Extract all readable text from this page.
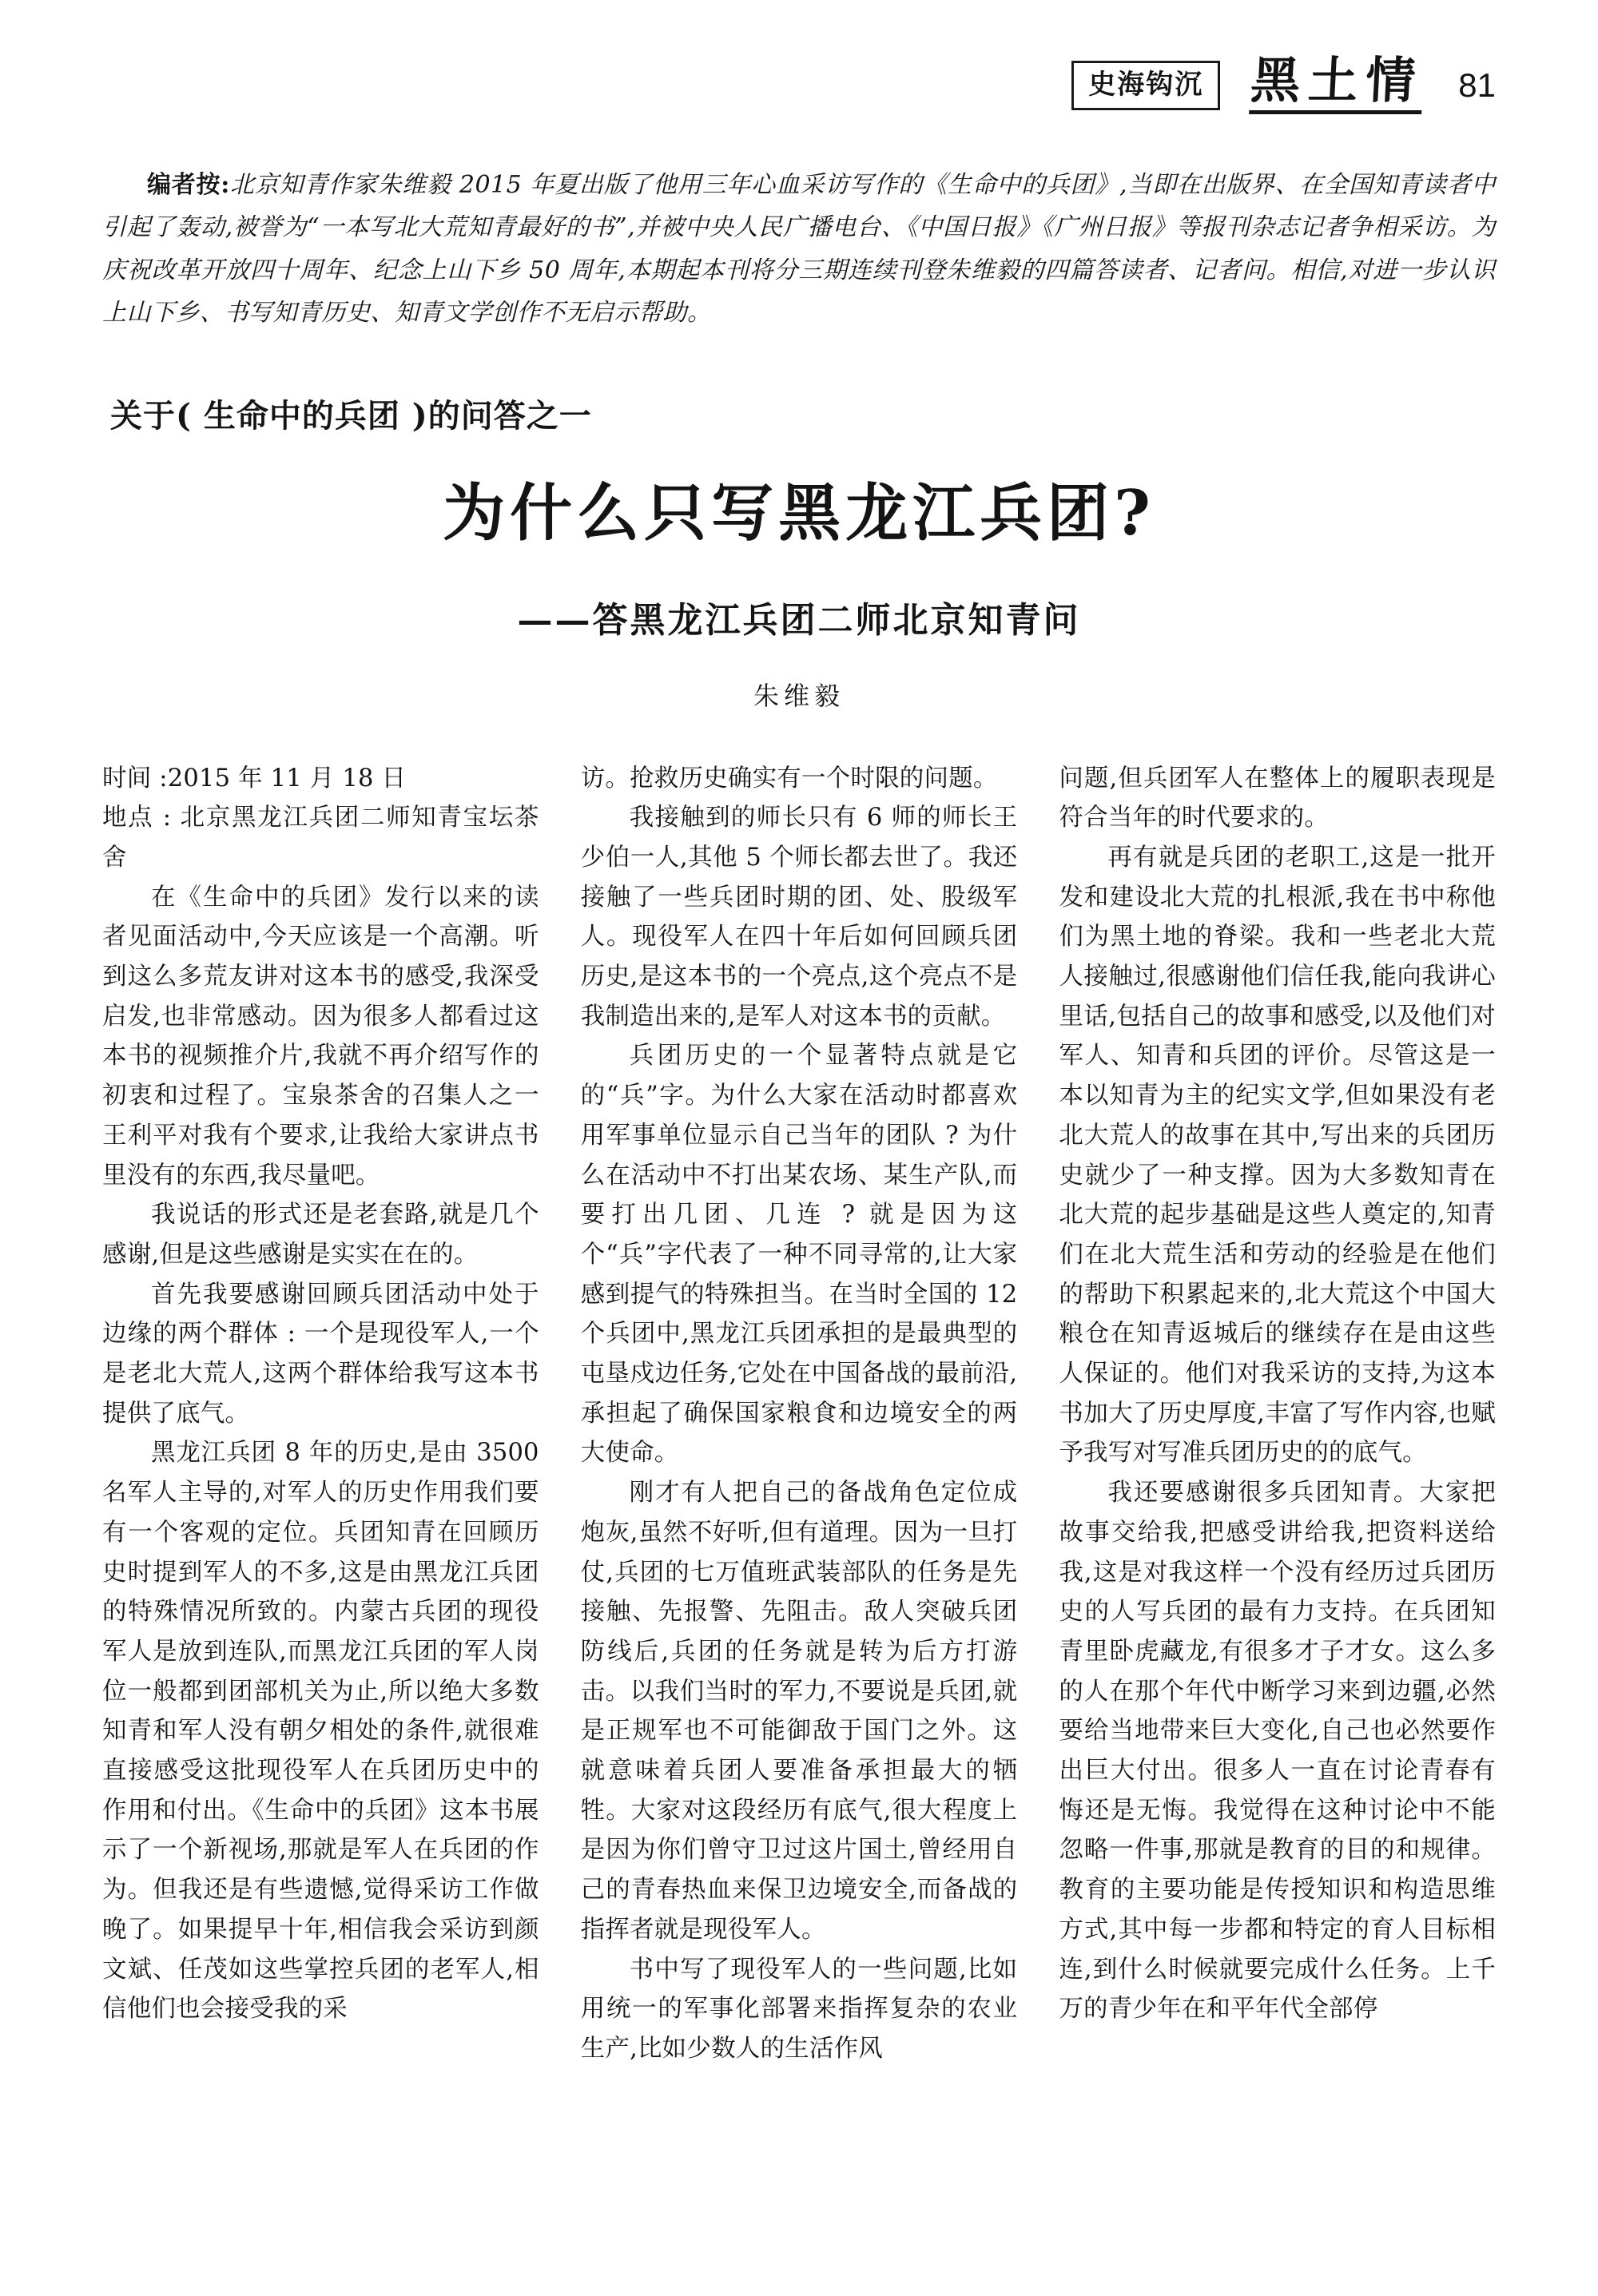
史海钩沉 黑土情 81

编者按:北京知青作家朱维毅 2015 年夏出版了他用三年心血采访写作的《生命中的兵团》,当即在出版界、在全国知青读者中引起了轰动,被誉为“一本写北大荒知青最好的书”,并被中央人民广播电台、《中国日报》《广州日报》等报刊杂志记者争相采访。为庆祝改革开放四十周年、纪念上山下乡 50 周年,本期起本刊将分三期连续刊登朱维毅的四篇答读者、记者问。相信,对进一步认识上山下乡、书写知青历史、知青文学创作不无启示帮助。

关于( 生命中的兵团 )的问答之一
为什么只写黑龙江兵团?
——答黑龙江兵团二师北京知青问
朱维毅

时间 :2015 年 11 月 18 日

地点 : 北京黑龙江兵团二师知青宝坛茶舍

在《生命中的兵团》发行以来的读者见面活动中,今天应该是一个高潮。听到这么多荒友讲对这本书的感受,我深受启发,也非常感动。因为很多人都看过这本书的视频推介片,我就不再介绍写作的初衷和过程了。宝泉茶舍的召集人之一王利平对我有个要求,让我给大家讲点书里没有的东西,我尽量吧。

我说话的形式还是老套路,就是几个感谢,但是这些感谢是实实在在的。

首先我要感谢回顾兵团活动中处于边缘的两个群体 : 一个是现役军人,一个是老北大荒人,这两个群体给我写这本书提供了底气。

黑龙江兵团 8 年的历史,是由 3500 名军人主导的,对军人的历史作用我们要有一个客观的定位。兵团知青在回顾历史时提到军人的不多,这是由黑龙江兵团的特殊情况所致的。内蒙古兵团的现役军人是放到连队,而黑龙江兵团的军人岗位一般都到团部机关为止,所以绝大多数知青和军人没有朝夕相处的条件,就很难直接感受这批现役军人在兵团历史中的作用和付出。《生命中的兵团》这本书展示了一个新视场,那就是军人在兵团的作为。但我还是有些遗憾,觉得采访工作做晚了。如果提早十年,相信我会采访到颜文斌、任茂如这些掌控兵团的老军人,相信他们也会接受我的采

访。抢救历史确实有一个时限的问题。

我接触到的师长只有 6 师的师长王少伯一人,其他 5 个师长都去世了。我还接触了一些兵团时期的团、处、股级军人。现役军人在四十年后如何回顾兵团历史,是这本书的一个亮点,这个亮点不是我制造出来的,是军人对这本书的贡献。

兵团历史的一个显著特点就是它的“兵”字。为什么大家在活动时都喜欢用军事单位显示自己当年的团队 ? 为什么在活动中不打出某农场、某生产队,而要打出几团、几连 ? 就是因为这个“兵”字代表了一种不同寻常的,让大家感到提气的特殊担当。在当时全国的 12 个兵团中,黑龙江兵团承担的是最典型的屯垦戍边任务,它处在中国备战的最前沿,承担起了确保国家粮食和边境安全的两大使命。

刚才有人把自己的备战角色定位成炮灰,虽然不好听,但有道理。因为一旦打仗,兵团的七万值班武装部队的任务是先接触、先报警、先阻击。敌人突破兵团防线后,兵团的任务就是转为后方打游击。以我们当时的军力,不要说是兵团,就是正规军也不可能御敌于国门之外。这就意味着兵团人要准备承担最大的牺牲。大家对这段经历有底气,很大程度上是因为你们曾守卫过这片国土,曾经用自己的青春热血来保卫边境安全,而备战的指挥者就是现役军人。

书中写了现役军人的一些问题,比如用统一的军事化部署来指挥复杂的农业生产,比如少数人的生活作风

问题,但兵团军人在整体上的履职表现是符合当年的时代要求的。

再有就是兵团的老职工,这是一批开发和建设北大荒的扎根派,我在书中称他们为黑土地的脊梁。我和一些老北大荒人接触过,很感谢他们信任我,能向我讲心里话,包括自己的故事和感受,以及他们对军人、知青和兵团的评价。尽管这是一本以知青为主的纪实文学,但如果没有老北大荒人的故事在其中,写出来的兵团历史就少了一种支撑。因为大多数知青在北大荒的起步基础是这些人奠定的,知青们在北大荒生活和劳动的经验是在他们的帮助下积累起来的,北大荒这个中国大粮仓在知青返城后的继续存在是由这些人保证的。他们对我采访的支持,为这本书加大了历史厚度,丰富了写作内容,也赋予我写对写准兵团历史的的底气。

我还要感谢很多兵团知青。大家把故事交给我,把感受讲给我,把资料送给我,这是对我这样一个没有经历过兵团历史的人写兵团的最有力支持。在兵团知青里卧虎藏龙,有很多才子才女。这么多的人在那个年代中断学习来到边疆,必然要给当地带来巨大变化,自己也必然要作出巨大付出。很多人一直在讨论青春有悔还是无悔。我觉得在这种讨论中不能忽略一件事,那就是教育的目的和规律。教育的主要功能是传授知识和构造思维方式,其中每一步都和特定的育人目标相连,到什么时候就要完成什么任务。上千万的青少年在和平年代全部停
